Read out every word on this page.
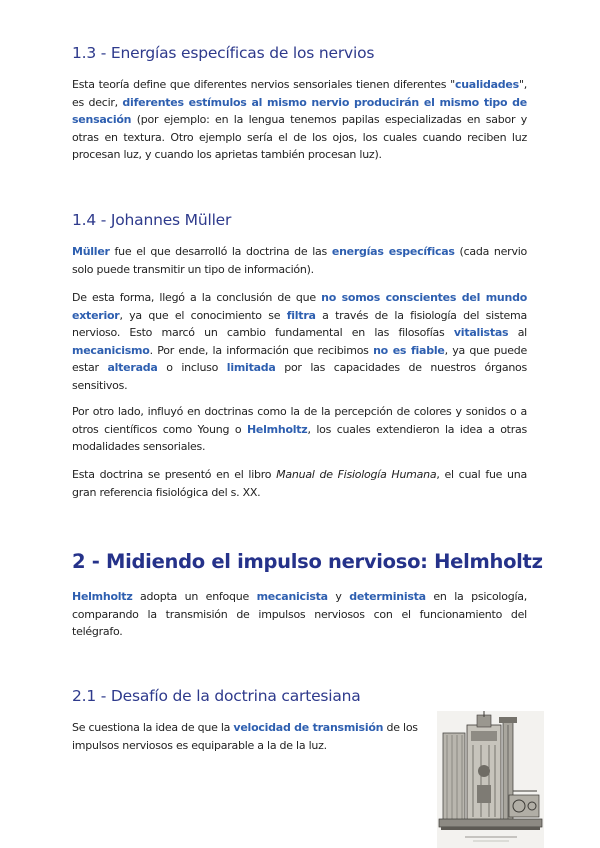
1.3 - Energías específicas de los nervios

Esta teoría define que diferentes nervios sensoriales tienen diferentes "cualidades", es decir, diferentes estímulos al mismo nervio producirán el mismo tipo de sensación (por ejemplo: en la lengua tenemos papilas especializadas en sabor y otras en textura. Otro ejemplo sería el de los ojos, los cuales cuando reciben luz procesan luz, y cuando los aprietas también procesan luz).

1.4 - Johannes Müller

Müller fue el que desarrolló la doctrina de las energías específicas (cada nervio solo puede transmitir un tipo de información).

De esta forma, llegó a la conclusión de que no somos conscientes del mundo exterior, ya que el conocimiento se filtra a través de la fisiología del sistema nervioso. Esto marcó un cambio fundamental en las filosofías vitalistas al mecanicismo. Por ende, la información que recibimos no es fiable, ya que puede estar alterada o incluso limitada por las capacidades de nuestros órganos sensitivos.

Por otro lado, influyó en doctrinas como la de la percepción de colores y sonidos o a otros científicos como Young o Helmholtz, los cuales extendieron la idea a otras modalidades sensoriales.

Esta doctrina se presentó en el libro Manual de Fisiología Humana, el cual fue una gran referencia fisiológica del s. XX.

2 - Midiendo el impulso nervioso: Helmholtz

Helmholtz adopta un enfoque mecanicista y determinista en la psicología, comparando la transmisión de impulsos nerviosos con el funcionamiento del telégrafo.

2.1 - Desafío de la doctrina cartesiana

Se cuestiona la idea de que la velocidad de transmisión de los impulsos nerviosos es equiparable a la de la luz.
